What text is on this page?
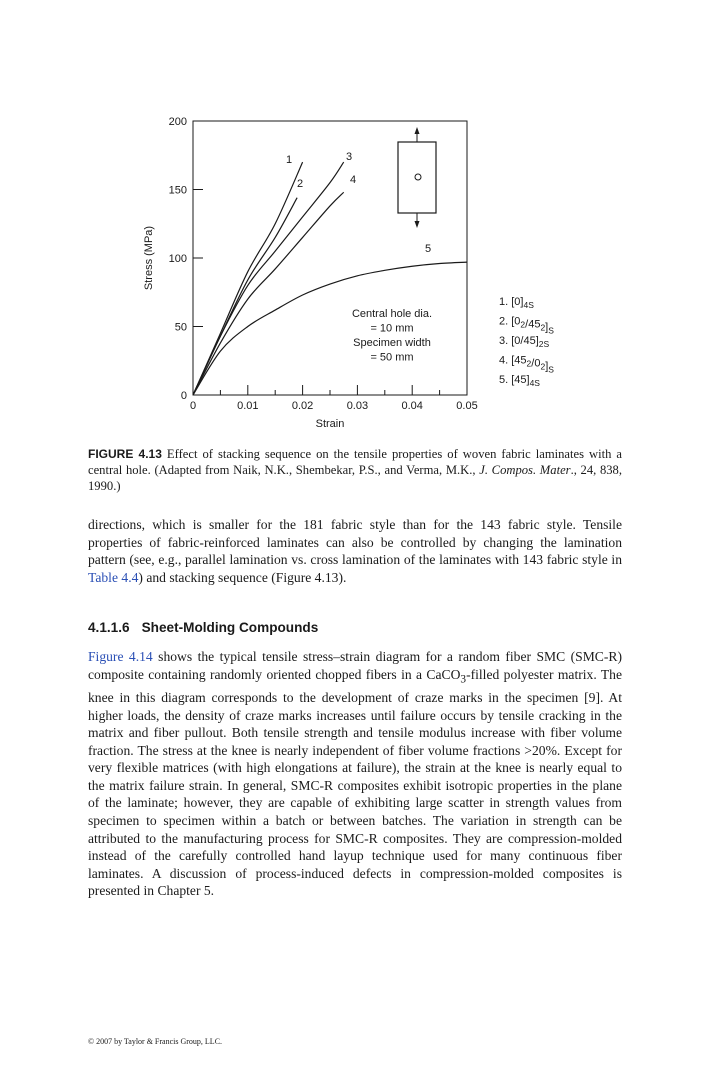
0	0.01	0.02	0.03	0.04	0.05
0
50
100
150
200
Strain
Stress (MPa)
1
2
3
4
5
Central hole dia.
= 10 mm
Specimen width
= 50 mm
1. $[0]_{4S}$
2. $[0_2/45_2]_S$
3. $[0/45]_{2S}$
4. $[45_2/0_2]_S$
5. $[45]_{4S}$
FIGURE 4.13 Effect of stacking sequence on the tensile properties of woven fabric laminates with a central hole. (Adapted from Naik, N.K., Shembekar, P.S., and Verma, M.K., J. Compos. Mater., 24, 838, 1990.)

directions, which is smaller for the 181 fabric style than for the 143 fabric style. Tensile properties of fabric-reinforced laminates can also be controlled by changing the lamination pattern (see, e.g., parallel lamination vs. cross lamination of the laminates with 143 fabric style in Table 4.4) and stacking sequence (Figure 4.13).

4.1.1.6 Sheet-Molding Compounds

Figure 4.14 shows the typical tensile stress–strain diagram for a random fiber SMC (SMC-R) composite containing randomly oriented chopped fibers in a CaCO$_3$-filled polyester matrix. The knee in this diagram corresponds to the development of craze marks in the specimen [9]. At higher loads, the density of craze marks increases until failure occurs by tensile cracking in the matrix and fiber pullout. Both tensile strength and tensile modulus increase with fiber volume fraction. The stress at the knee is nearly independent of fiber volume fractions >20%. Except for very flexible matrices (with high elongations at failure), the strain at the knee is nearly equal to the matrix failure strain. In general, SMC-R composites exhibit isotropic properties in the plane of the laminate; however, they are capable of exhibiting large scatter in strength values from specimen to specimen within a batch or between batches. The variation in strength can be attributed to the manufacturing process for SMC-R composites. They are compression-molded instead of the carefully controlled hand layup technique used for many continuous fiber laminates. A discussion of process-induced defects in compression-molded composites is presented in Chapter 5.

© 2007 by Taylor & Francis Group, LLC.
